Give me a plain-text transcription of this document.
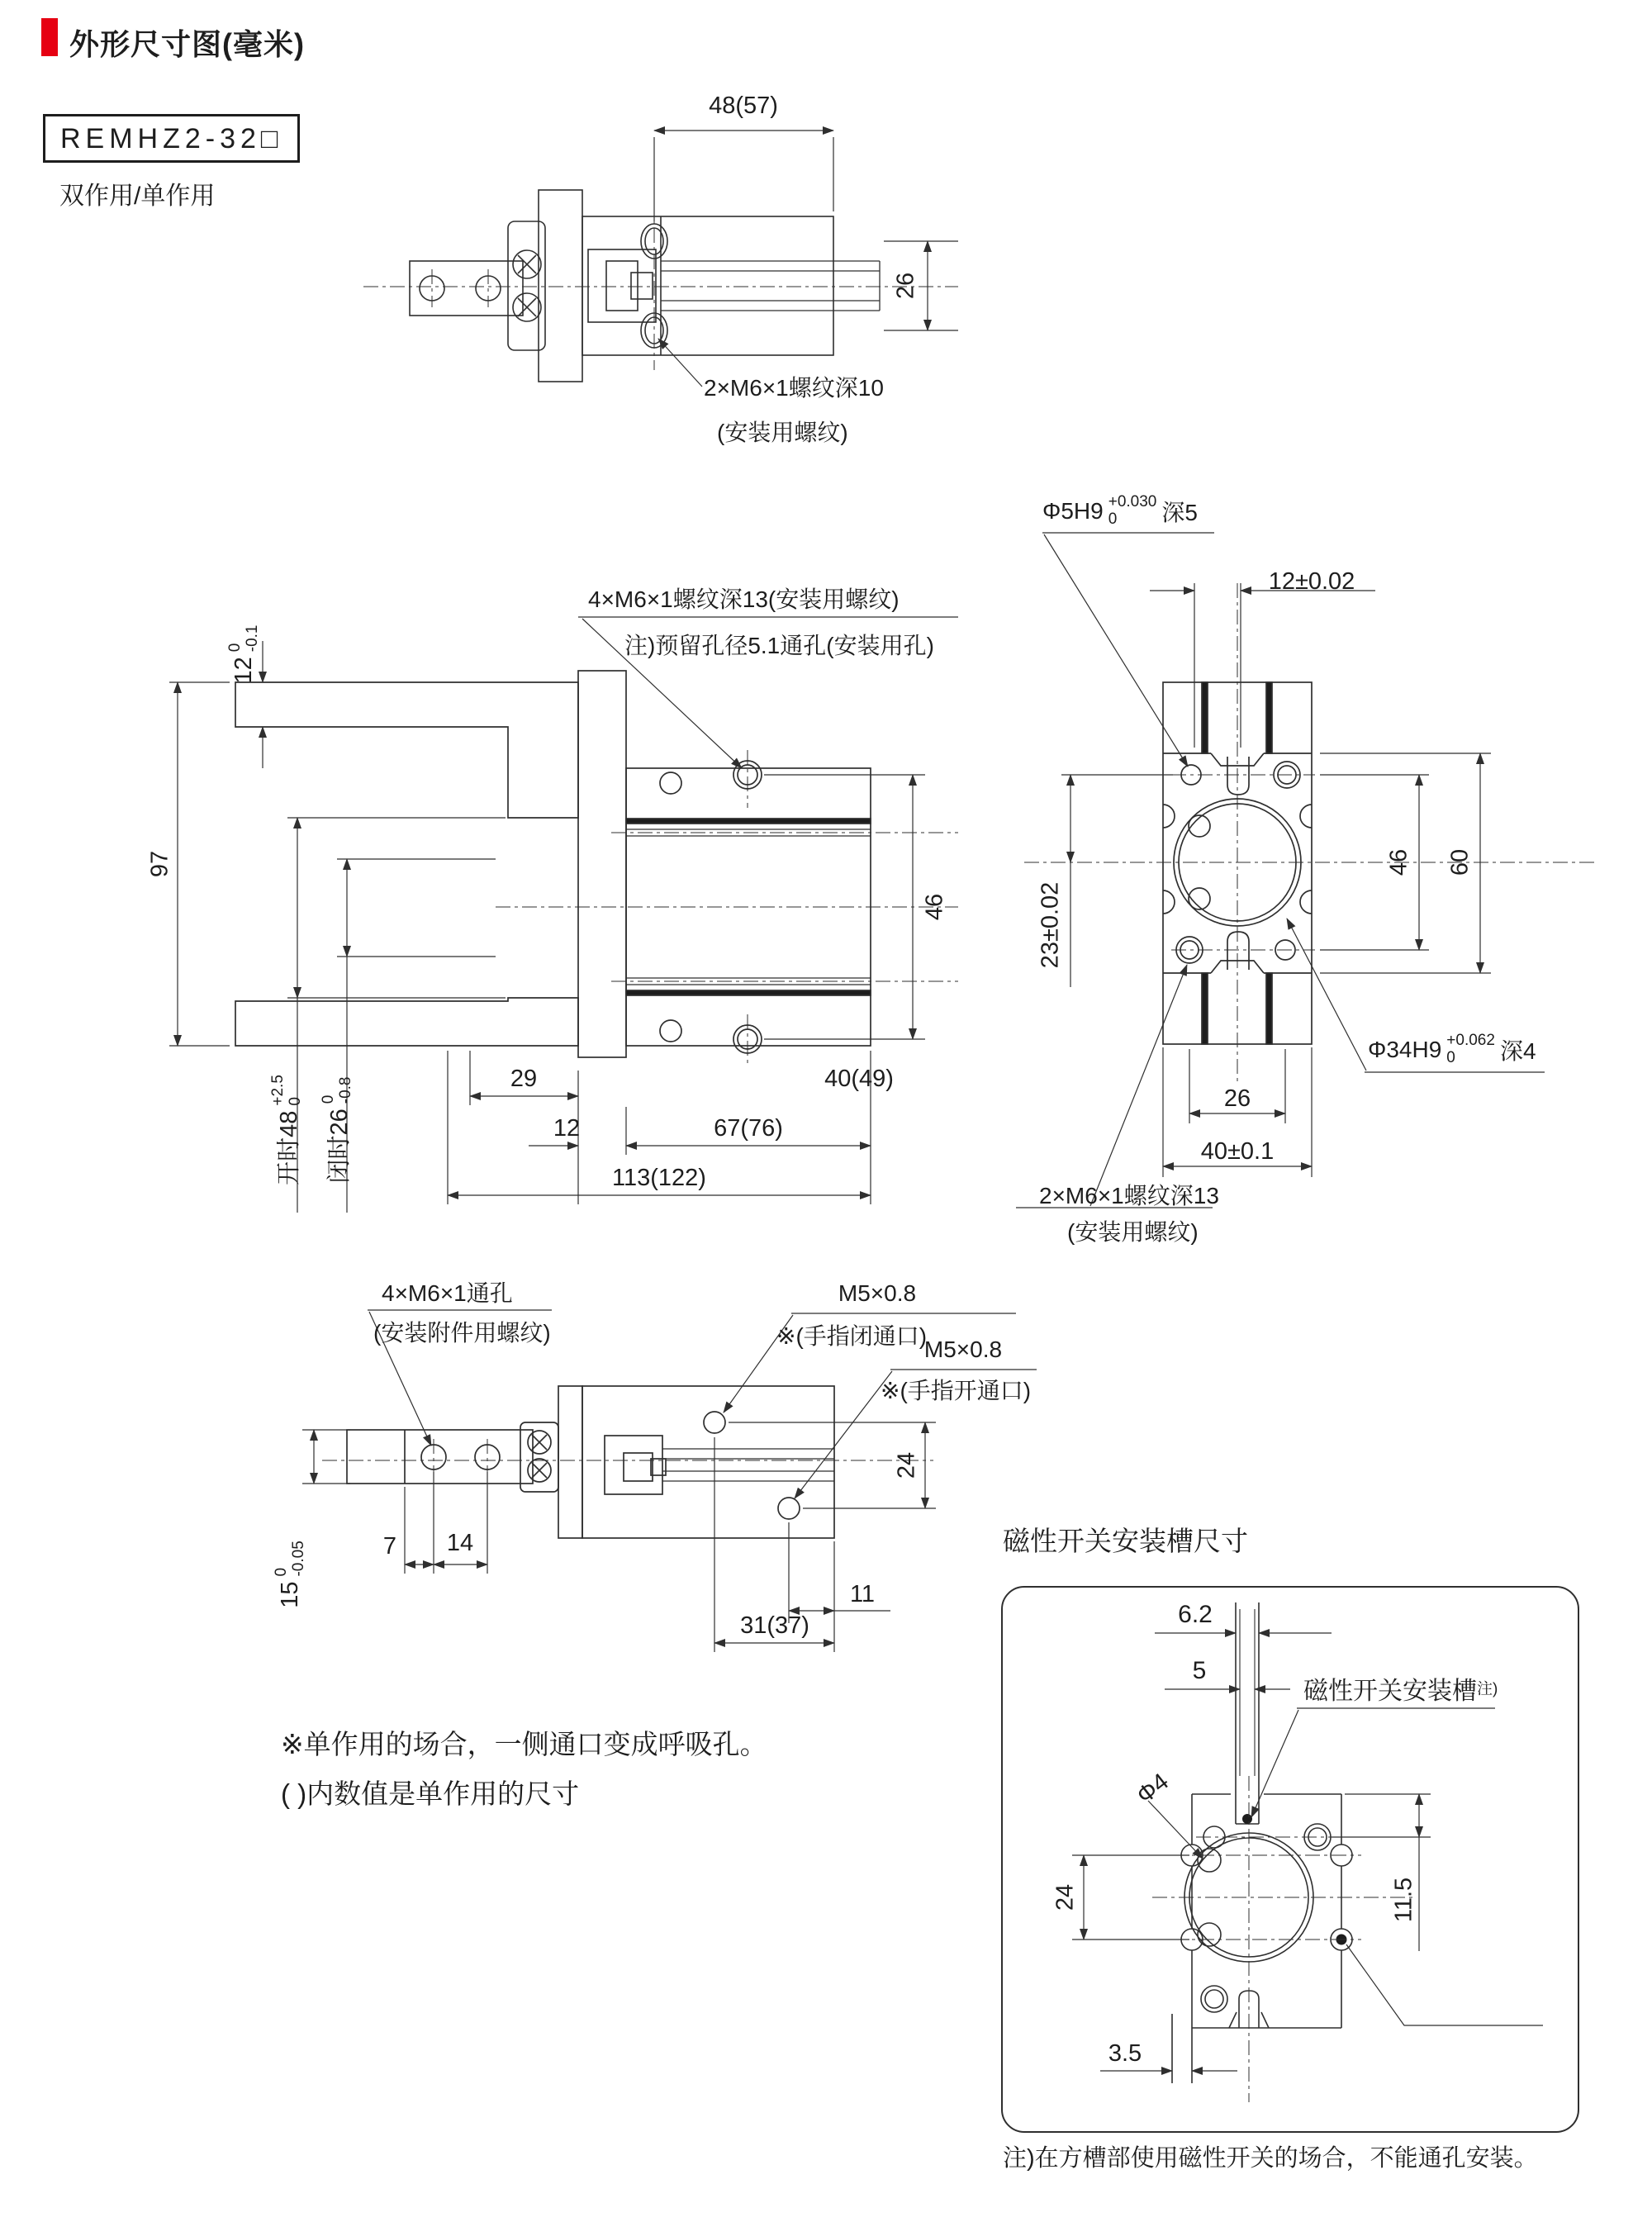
外形尺寸图(毫米)
REMHZ2-32□
双作用/单作用
48(57)
26
2×M6×1螺纹深10
(安装用螺纹)
4×M6×1螺纹深13(安装用螺纹)
注)预留孔径5.1通孔(安装用孔)
12
0 -0.1
97
开时48
+2.5 0
闭时26
0 -0.8	29
12
40(49)
67(76)
113(122)
46
Φ5H9 +0.030
0	深5
12±0.02
23±0.02
46 60
26
40±0.1
Φ34H9 +0.062
0	深4
2×M6×1螺纹深13
(安装用螺纹)
4×M6×1通孔
(安装附件用螺纹)
M5×0.8
※(手指闭通口)
M5×0.8
※(手指开通口)
24
15
0 -0.05	7 14
11
31(37)
※单作用的场合，一侧通口变成呼吸孔。
( )内数值是单作用的尺寸
磁性开关安装槽尺寸
6.2
5
磁性开关安装槽$^{注)}$
Φ4
24	11.5
3.5
注)在方槽部使用磁性开关的场合，不能通孔安装。
